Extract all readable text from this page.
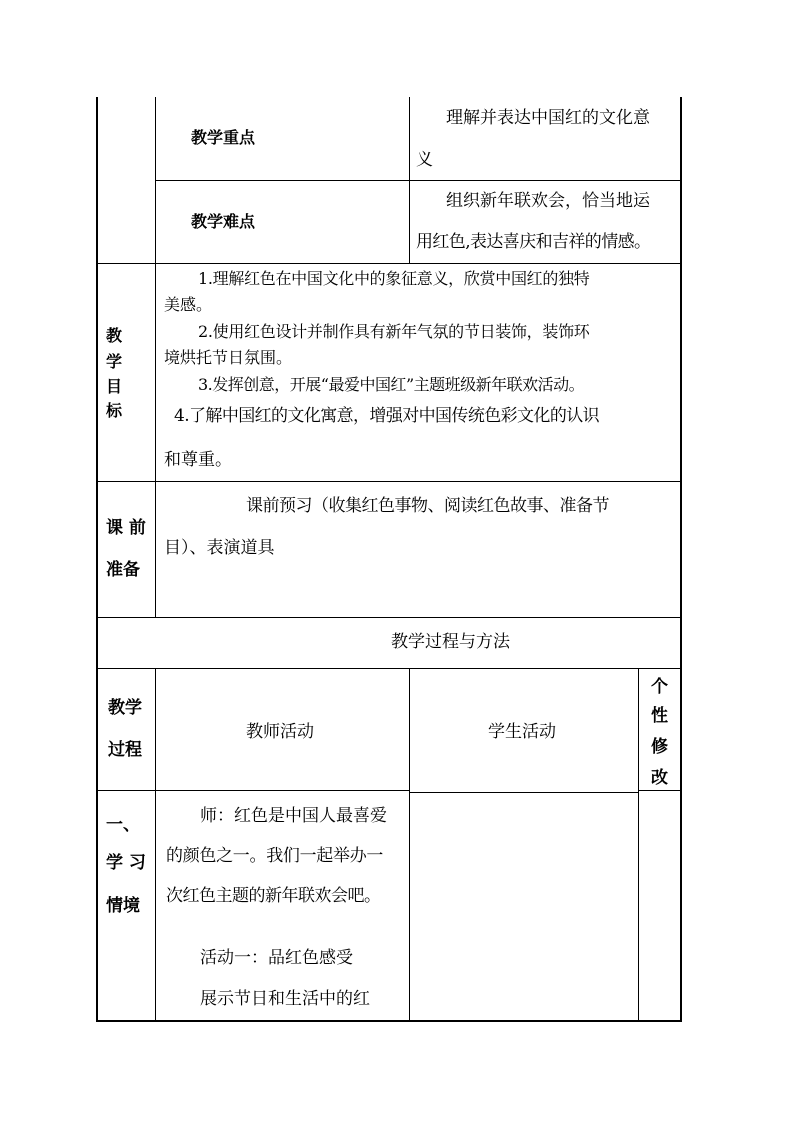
教学重点
理解并表达中国红的文化意
义
教学难点
组织新年联欢会，恰当地运
用红色,表达喜庆和吉祥的情感。
教
学
目
标
1.理解红色在中国文化中的象征意义，欣赏中国红的独特
美感。
2.使用红色设计并制作具有新年气氛的节日装饰，装饰环
境烘托节日氛围。
3.发挥创意，开展“最爱中国红”主题班级新年联欢活动。
4.了解中国红的文化寓意，增强对中国传统色彩文化的认识
和尊重。
课 前
准备
课前预习（收集红色事物、阅读红色故事、准备节
目）、表演道具
教学过程与方法
教学
过程
教师活动	学生活动
个
性
修
改
一、
学 习
情境
师：红色是中国人最喜爱
的颜色之一。我们一起举办一
次红色主题的新年联欢会吧。
活动一：品红色感受
展示节日和生活中的红
